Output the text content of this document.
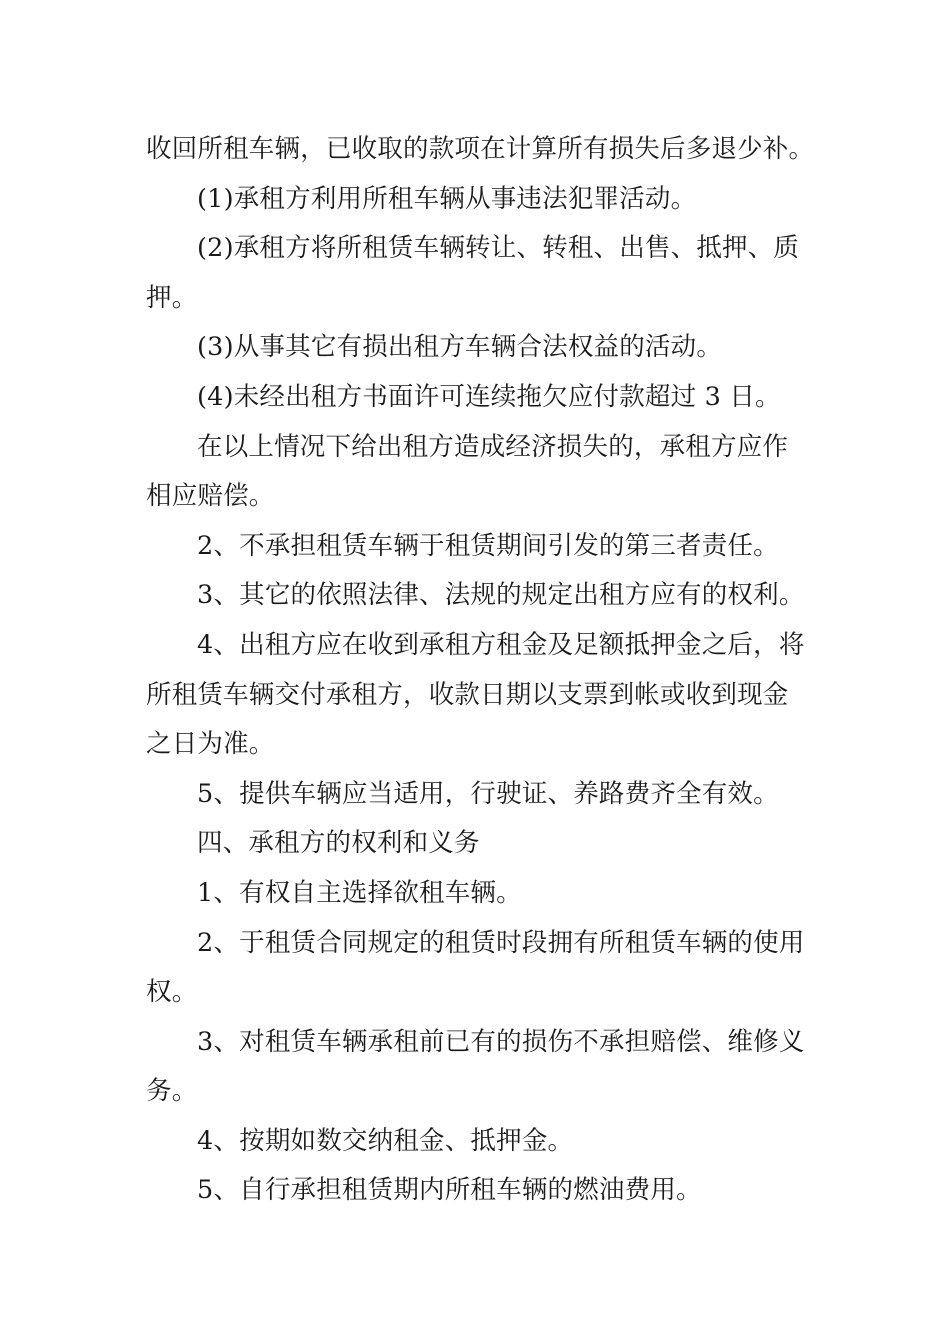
收回所租车辆，已收取的款项在计算所有损失后多退少补。
(1)承租方利用所租车辆从事违法犯罪活动。
(2)承租方将所租赁车辆转让、转租、出售、抵押、质
押。
(3)从事其它有损出租方车辆合法权益的活动。
(4)未经出租方书面许可连续拖欠应付款超过 3 日。
在以上情况下给出租方造成经济损失的，承租方应作
相应赔偿。
2、不承担租赁车辆于租赁期间引发的第三者责任。
3、其它的依照法律、法规的规定出租方应有的权利。
4、出租方应在收到承租方租金及足额抵押金之后，将
所租赁车辆交付承租方，收款日期以支票到帐或收到现金
之日为准。
5、提供车辆应当适用，行驶证、养路费齐全有效。
四、承租方的权利和义务
1、有权自主选择欲租车辆。
2、于租赁合同规定的租赁时段拥有所租赁车辆的使用
权。
3、对租赁车辆承租前已有的损伤不承担赔偿、维修义
务。
4、按期如数交纳租金、抵押金。
5、自行承担租赁期内所租车辆的燃油费用。
